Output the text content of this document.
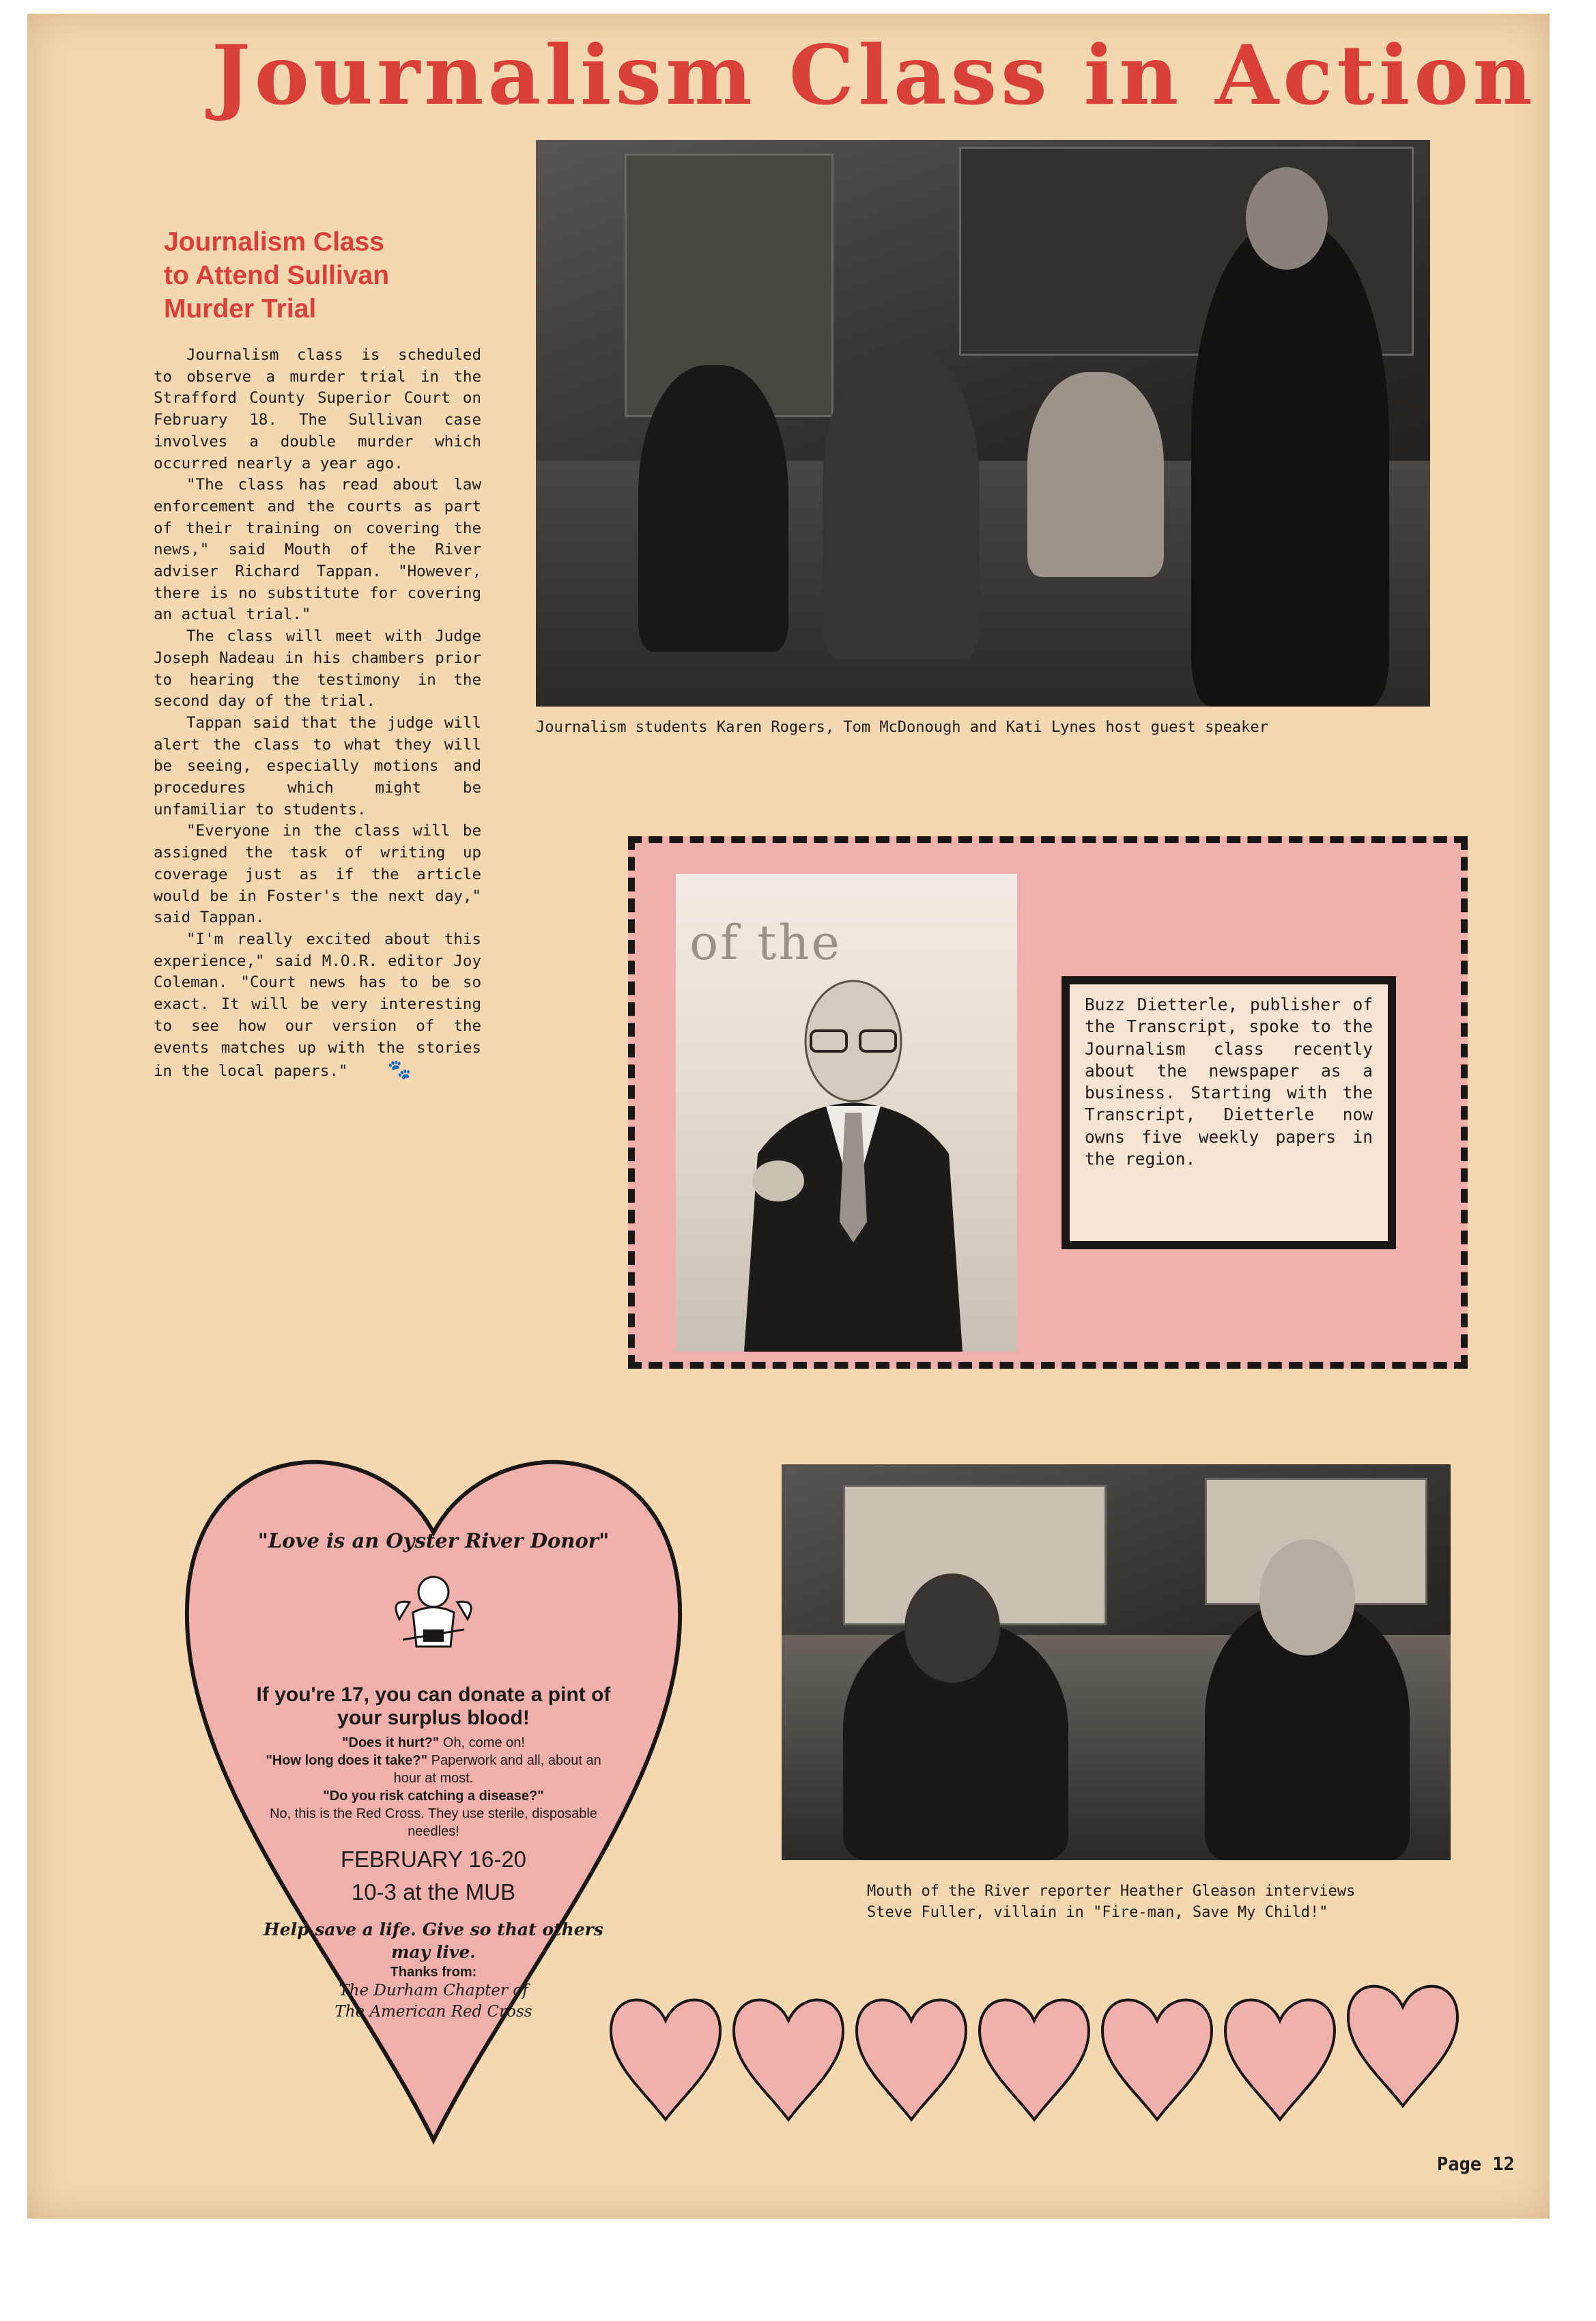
Journalism Class in Action
Journalism Class
to Attend Sullivan
Murder Trial

Journalism class is scheduled to observe a murder trial in the Strafford County Superior Court on February 18. The Sullivan case involves a double murder which occurred nearly a year ago.

"The class has read about law enforcement and the courts as part of their training on covering the news," said Mouth of the River adviser Richard Tappan. "However, there is no substitute for covering an actual trial."

The class will meet with Judge Joseph Nadeau in his chambers prior to hearing the testimony in the second day of the trial.

Tappan said that the judge will alert the class to what they will be seeing, especially motions and procedures which might be unfamiliar to students.

"Everyone in the class will be assigned the task of writing up coverage just as if the article would be in Foster's the next day," said Tappan.

"I'm really excited about this experience," said M.O.R. editor Joy Coleman. "Court news has to be so exact. It will be very interesting to see how our version of the events matches up with the stories in the local papers." 🐾

Journalism students Karen Rogers, Tom McDonough and Kati Lynes host guest speaker
of the
Buzz Dietterle, publisher of the Transcript, spoke to the Journalism class recently about the newspaper as a business. Starting with the Transcript, Dietterle now owns five weekly papers in the region.
"Love is an Oyster River Donor"
If you're 17, you can donate a pint of your surplus blood!
"Does it hurt?" Oh, come on!
"How long does it take?" Paperwork and all, about an hour at most.
"Do you risk catching a disease?"
No, this is the Red Cross. They use sterile, disposable needles!
FEBRUARY 16-20
10-3 at the MUB
Help save a life. Give so that others may live.
Thanks from:
The Durham Chapter of
The American Red Cross
Mouth of the River reporter Heather Gleason interviews Steve Fuller, villain in "Fire-man, Save My Child!"
Page 12
